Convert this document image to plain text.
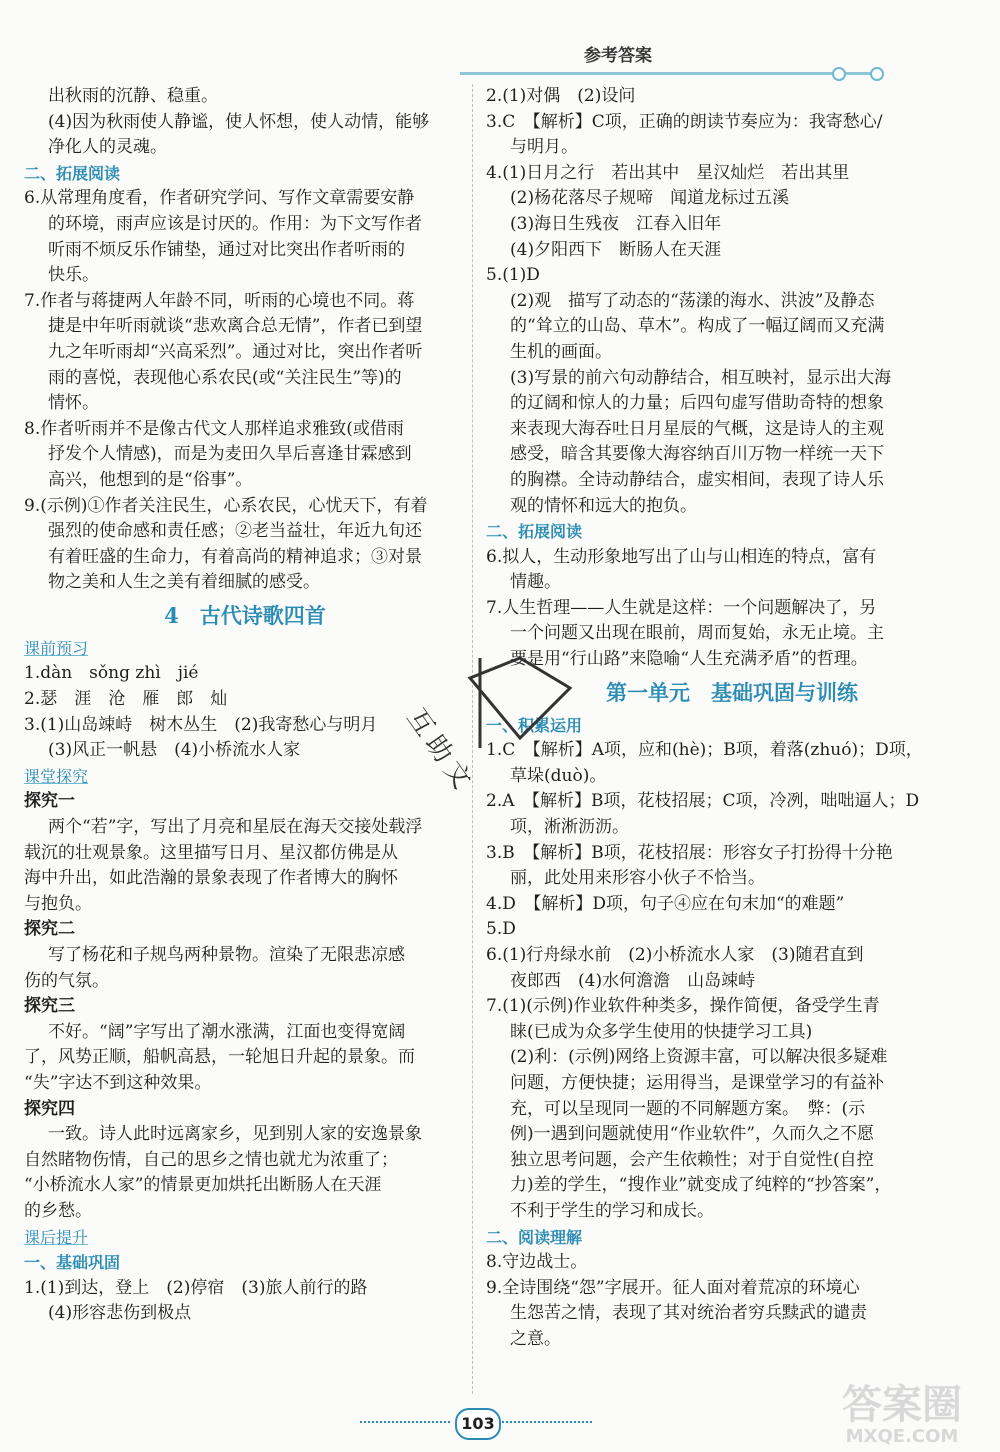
参考答案
出秋雨的沉静、稳重。
(4)因为秋雨使人静谧，使人怀想，使人动情，能够
净化人的灵魂。
二、拓展阅读
6.从常理角度看，作者研究学问、写作文章需要安静
的环境，雨声应该是讨厌的。作用：为下文写作者
听雨不烦反乐作铺垫，通过对比突出作者听雨的
快乐。
7.作者与蒋捷两人年龄不同，听雨的心境也不同。蒋
捷是中年听雨就谈“悲欢离合总无情”，作者已到望
九之年听雨却“兴高采烈”。通过对比，突出作者听
雨的喜悦，表现他心系农民(或“关注民生”等)的
情怀。
8.作者听雨并不是像古代文人那样追求雅致(或借雨
抒发个人情感)，而是为麦田久旱后喜逢甘霖感到
高兴，他想到的是“俗事”。
9.(示例)①作者关注民生，心系农民，心忧天下，有着
强烈的使命感和责任感；②老当益壮，年近九旬还
有着旺盛的生命力，有着高尚的精神追求；③对景
物之美和人生之美有着细腻的感受。
4　古代诗歌四首
课前预习
1.dàn　sǒng zhì　jié
2.瑟　涯　沧　雁　郎　灿
3.(1)山岛竦峙　树木丛生　(2)我寄愁心与明月
(3)风正一帆悬　(4)小桥流水人家
课堂探究
探究一
两个“若”字，写出了月亮和星辰在海天交接处载浮
载沉的壮观景象。这里描写日月、星汉都仿佛是从
海中升出，如此浩瀚的景象表现了作者博大的胸怀
与抱负。
探究二
写了杨花和子规鸟两种景物。渲染了无限悲凉感
伤的气氛。
探究三
不好。“阔”字写出了潮水涨满，江面也变得宽阔
了，风势正顺，船帆高悬，一轮旭日升起的景象。而
“失”字达不到这种效果。
探究四
一致。诗人此时远离家乡，见到别人家的安逸景象
自然睹物伤情，自己的思乡之情也就尤为浓重了；
“小桥流水人家”的情景更加烘托出断肠人在天涯
的乡愁。
课后提升
一、基础巩固
1.(1)到达，登上　(2)停宿　(3)旅人前行的路
(4)形容悲伤到极点
2.(1)对偶　(2)设问
3.C　【解析】C项，正确的朗读节奏应为：我寄愁心/
与明月。
4.(1)日月之行　若出其中　星汉灿烂　若出其里
(2)杨花落尽子规啼　闻道龙标过五溪
(3)海日生残夜　江春入旧年
(4)夕阳西下　断肠人在天涯
5.(1)D
(2)观　描写了动态的“荡漾的海水、洪波”及静态
的“耸立的山岛、草木”。构成了一幅辽阔而又充满
生机的画面。
(3)写景的前六句动静结合，相互映衬，显示出大海
的辽阔和惊人的力量；后四句虚写借助奇特的想象
来表现大海吞吐日月星辰的气概，这是诗人的主观
感受，暗含其要像大海容纳百川万物一样统一天下
的胸襟。全诗动静结合，虚实相间，表现了诗人乐
观的情怀和远大的抱负。
二、拓展阅读
6.拟人，生动形象地写出了山与山相连的特点，富有
情趣。
7.人生哲理——人生就是这样：一个问题解决了，另
一个问题又出现在眼前，周而复始，永无止境。主
要是用“行山路”来隐喻“人生充满矛盾”的哲理。
第一单元　基础巩固与训练
一、积累运用
1.C　【解析】A项，应和(hè)；B项，着落(zhuó)；D项，
草垛(duò)。
2.A　【解析】B项，花枝招展；C项，冷冽，咄咄逼人；D
项，淅淅沥沥。
3.B　【解析】B项，花枝招展：形容女子打扮得十分艳
丽，此处用来形容小伙子不恰当。
4.D　【解析】D项，句子④应在句末加“的难题”
5.D
6.(1)行舟绿水前　(2)小桥流水人家　(3)随君直到
夜郎西　(4)水何澹澹　山岛竦峙
7.(1)(示例)作业软件种类多，操作简便，备受学生青
睐(已成为众多学生使用的快捷学习工具)
(2)利：(示例)网络上资源丰富，可以解决很多疑难
问题，方便快捷；运用得当，是课堂学习的有益补
充，可以呈现同一题的不同解题方案。　弊：(示
例)一遇到问题就使用“作业软件”，久而久之不愿
独立思考问题，会产生依赖性；对于自觉性(自控
力)差的学生，“搜作业”就变成了纯粹的“抄答案”，
不利于学生的学习和成长。
二、阅读理解
8.守边战士。
9.全诗围绕“怨”字展开。征人面对着荒凉的环境心
生怨苦之情，表现了其对统治者穷兵黩武的谴责
之意。
互助文
103	答案圈
MXQE.COM
